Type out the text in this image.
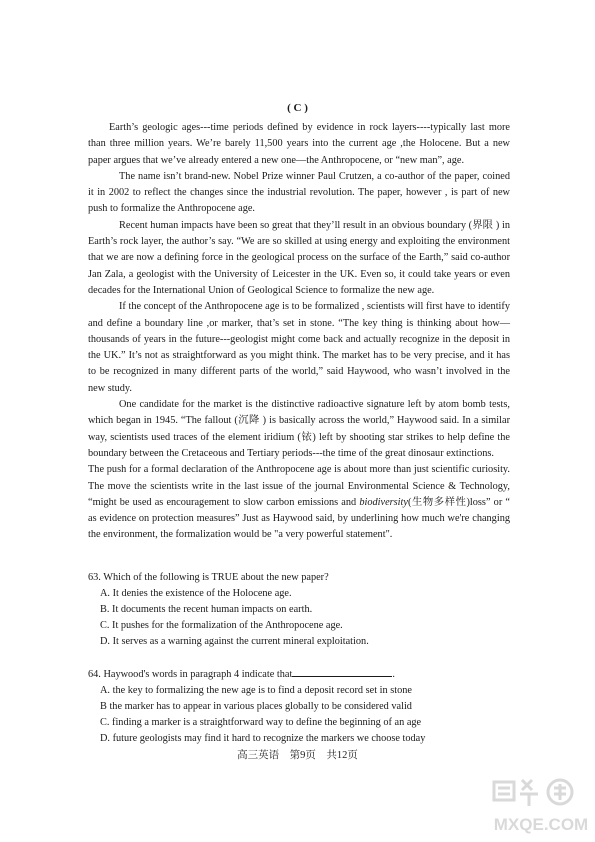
( C )

Earth’s geologic ages---time periods defined by evidence in rock layers----typically last more than three million years. We’re barely 11,500 years into the current age ,the Holocene. But a new paper argues that we’ve already entered a new one—the Anthropocene, or “new man”, age.

The name isn’t brand-new. Nobel Prize winner Paul Crutzen, a co-author of the paper, coined it in 2002 to reflect the changes since the industrial revolution. The paper, however , is part of new push to formalize the Anthropocene age.

Recent human impacts have been so great that they’ll result in an obvious boundary (界限 ) in Earth’s rock layer, the author’s say. “We are so skilled at using energy and exploiting the environment that we are now a defining force in the geological process on the surface of the Earth,” said co-author Jan Zala, a geologist with the University of Leicester in the UK. Even so, it could take years or even decades for the International Union of Geological Science to formalize the new age.

If the concept of the Anthropocene age is to be formalized , scientists will first have to identify and define a boundary line ,or marker, that’s set in stone. “The key thing is thinking about how—thousands of years in the future---geologist might come back and actually recognize in the deposit in the UK.” It’s not as straightforward as you might think. The market has to be very precise, and it has to be recognized in many different parts of the world,” said Haywood, who wasn’t involved in the new study.

One candidate for the market is the distinctive radioactive signature left by atom bomb tests, which began in 1945. “The fallout (沉降 ) is basically across the world,” Haywood said. In a similar way, scientists used traces of the element iridium (铱) left by shooting star strikes to help define the boundary between the Cretaceous and Tertiary periods---the time of the great dinosaur extinctions.

The push for a formal declaration of the Anthropocene age is about more than just scientific curiosity. The move the scientists write in the last issue of the journal Environmental Science & Technology, “might be used as encouragement to slow carbon emissions and biodiversity(生物多样性)loss” or “ as evidence on protection measures” Just as Haywood said, by underlining how much we're changing the environment, the formalization would be "a very powerful statement".

63. Which of the following is TRUE about the new paper?

A. It denies the existence of the Holocene age.

B. It documents the recent human impacts on earth.

C. It pushes for the formalization of the Anthropocene age.

D. It serves as a warning against the current mineral exploitation.

64. Haywood's words in paragraph 4 indicate that	.

A. the key to formalizing the new age is to find a deposit record set in stone

B the marker has to appear in various places globally to be considered valid

C. finding a marker is a straightforward way to define the beginning of an age

D. future geologists may find it hard to recognize the markers we choose today

高三英语　第9页　共12页
MXQE.COM
